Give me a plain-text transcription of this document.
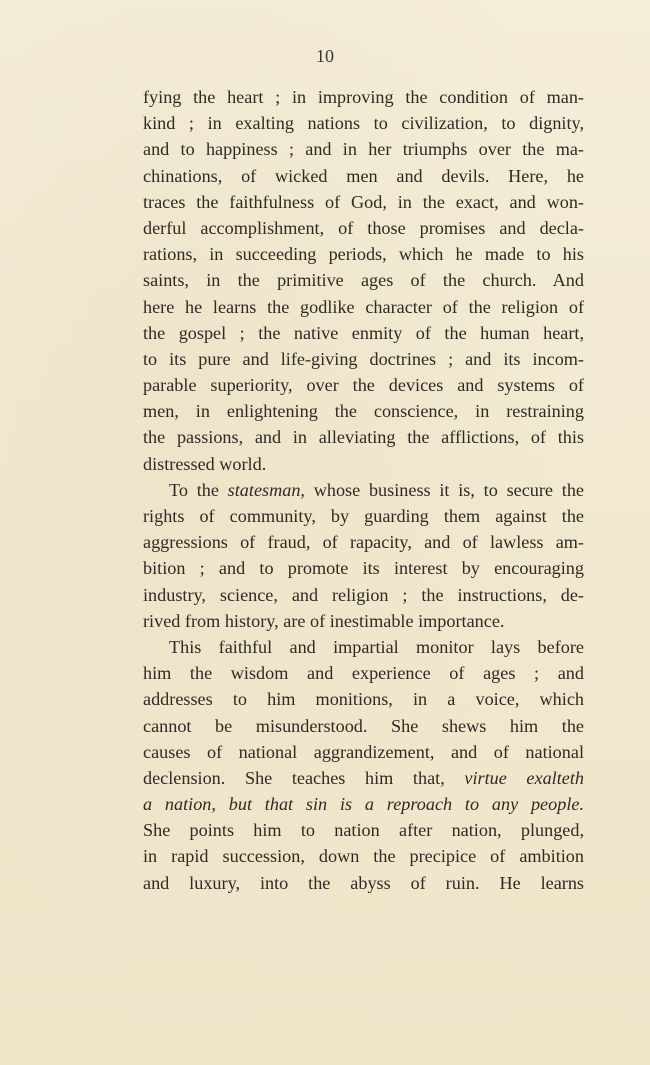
10
fying the heart ; in improving the condition of man-
kind ; in exalting nations to civilization, to dignity,
and to happiness ; and in her triumphs over the ma-
chinations, of wicked men and devils. Here, he
traces the faithfulness of God, in the exact, and won-
derful accomplishment, of those promises and decla-
rations, in succeeding periods, which he made to his
saints, in the primitive ages of the church. And
here he learns the godlike character of the religion of
the gospel ; the native enmity of the human heart,
to its pure and life-giving doctrines ; and its incom-
parable superiority, over the devices and systems of
men, in enlightening the conscience, in restraining
the passions, and in alleviating the afflictions, of this
distressed world.
To the statesman, whose business it is, to secure the
rights of community, by guarding them against the
aggressions of fraud, of rapacity, and of lawless am-
bition ; and to promote its interest by encouraging
industry, science, and religion ; the instructions, de-
rived from history, are of inestimable importance.
This faithful and impartial monitor lays before
him the wisdom and experience of ages ; and
addresses to him monitions, in a voice, which
cannot be misunderstood. She shews him the
causes of national aggrandizement, and of national
declension. She teaches him that, virtue exalteth
a nation, but that sin is a reproach to any people.
She points him to nation after nation, plunged,
in rapid succession, down the precipice of ambition
and luxury, into the abyss of ruin. He learns
